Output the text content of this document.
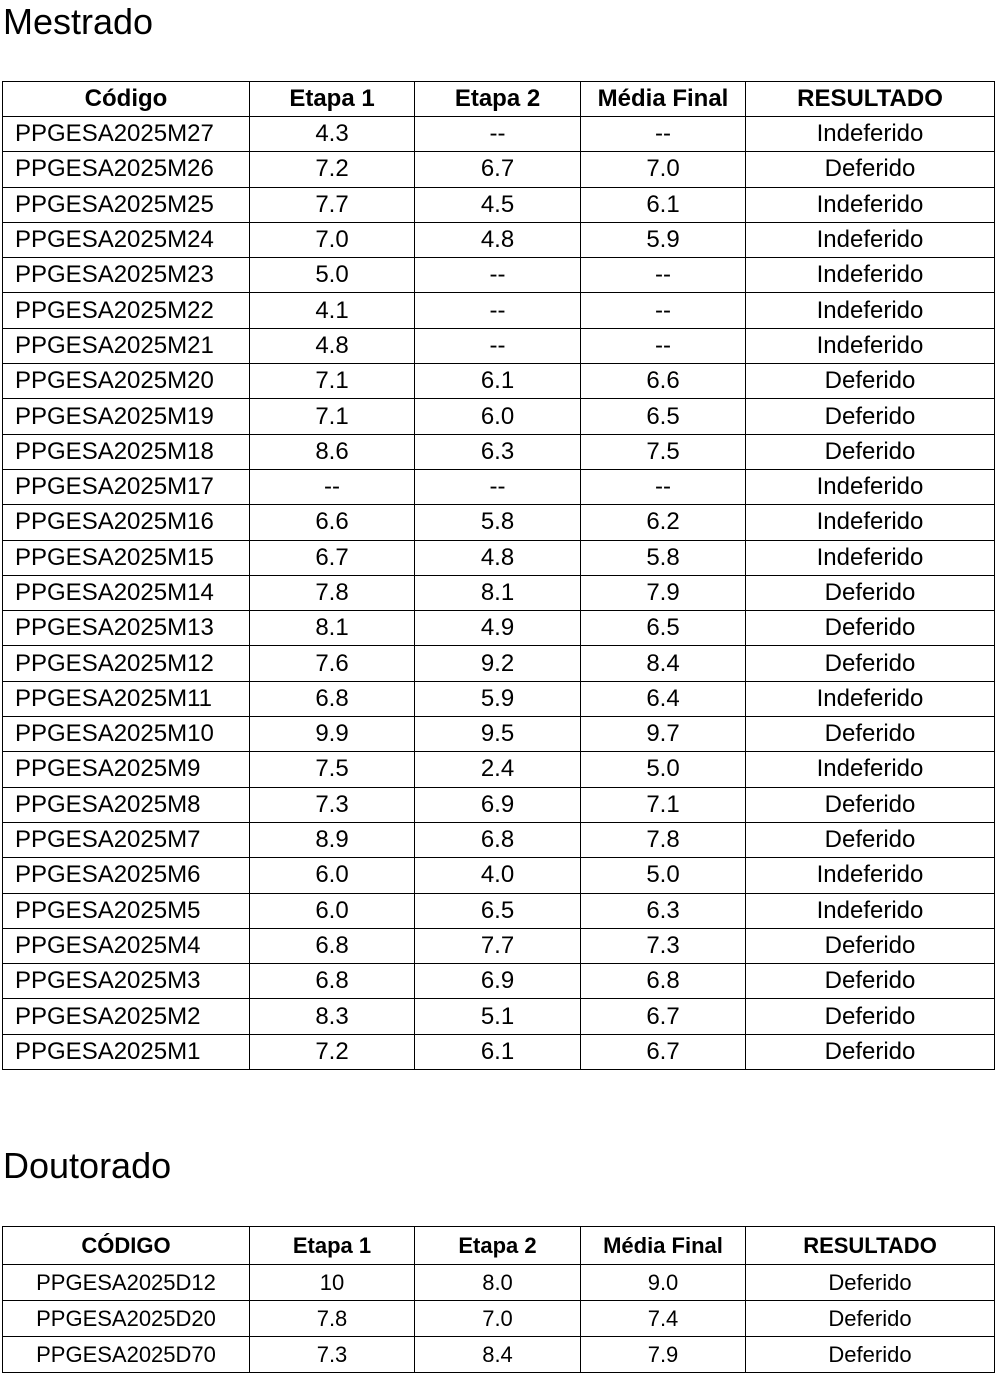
Mestrado
Código	Etapa 1	Etapa 2	Média Final	RESULTADO
PPGESA2025M27	4.3	--	--	Indeferido
PPGESA2025M26	7.2	6.7	7.0	Deferido
PPGESA2025M25	7.7	4.5	6.1	Indeferido
PPGESA2025M24	7.0	4.8	5.9	Indeferido
PPGESA2025M23	5.0	--	--	Indeferido
PPGESA2025M22	4.1	--	--	Indeferido
PPGESA2025M21	4.8	--	--	Indeferido
PPGESA2025M20	7.1	6.1	6.6	Deferido
PPGESA2025M19	7.1	6.0	6.5	Deferido
PPGESA2025M18	8.6	6.3	7.5	Deferido
PPGESA2025M17	--	--	--	Indeferido
PPGESA2025M16	6.6	5.8	6.2	Indeferido
PPGESA2025M15	6.7	4.8	5.8	Indeferido
PPGESA2025M14	7.8	8.1	7.9	Deferido
PPGESA2025M13	8.1	4.9	6.5	Deferido
PPGESA2025M12	7.6	9.2	8.4	Deferido
PPGESA2025M11	6.8	5.9	6.4	Indeferido
PPGESA2025M10	9.9	9.5	9.7	Deferido
PPGESA2025M9	7.5	2.4	5.0	Indeferido
PPGESA2025M8	7.3	6.9	7.1	Deferido
PPGESA2025M7	8.9	6.8	7.8	Deferido
PPGESA2025M6	6.0	4.0	5.0	Indeferido
PPGESA2025M5	6.0	6.5	6.3	Indeferido
PPGESA2025M4	6.8	7.7	7.3	Deferido
PPGESA2025M3	6.8	6.9	6.8	Deferido
PPGESA2025M2	8.3	5.1	6.7	Deferido
PPGESA2025M1	7.2	6.1	6.7	Deferido
Doutorado
CÓDIGO	Etapa 1	Etapa 2	Média Final	RESULTADO
PPGESA2025D12	10	8.0	9.0	Deferido
PPGESA2025D20	7.8	7.0	7.4	Deferido
PPGESA2025D70	7.3	8.4	7.9	Deferido
